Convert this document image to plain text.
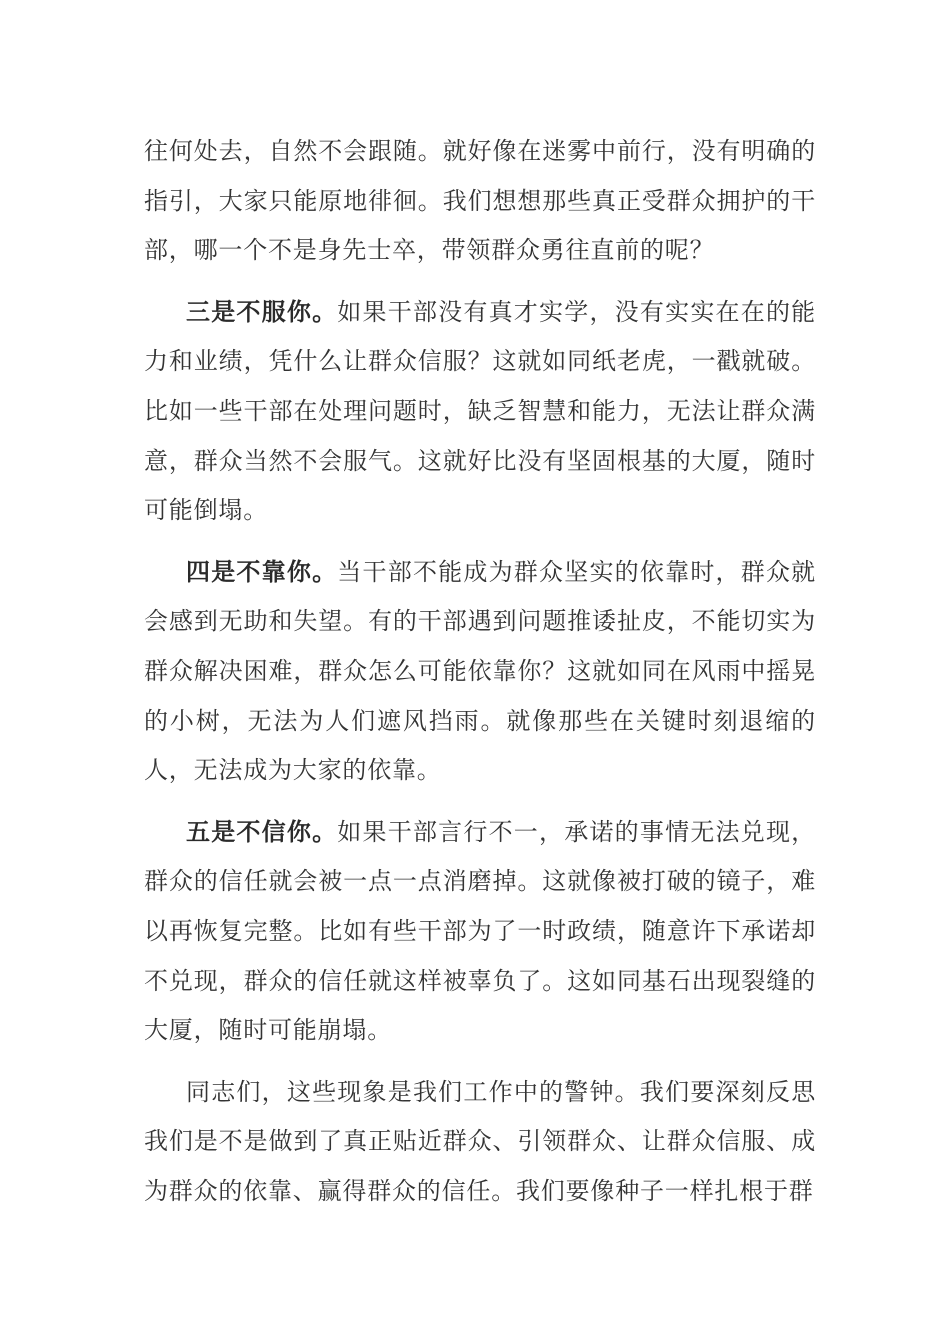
往何处去，自然不会跟随。就好像在迷雾中前行，没有明确的指引，大家只能原地徘徊。我们想想那些真正受群众拥护的干部，哪一个不是身先士卒，带领群众勇往直前的呢？

三是不服你。如果干部没有真才实学，没有实实在在的能力和业绩，凭什么让群众信服？这就如同纸老虎，一戳就破。比如一些干部在处理问题时，缺乏智慧和能力，无法让群众满意，群众当然不会服气。这就好比没有坚固根基的大厦，随时可能倒塌。

四是不靠你。当干部不能成为群众坚实的依靠时，群众就会感到无助和失望。有的干部遇到问题推诿扯皮，不能切实为群众解决困难，群众怎么可能依靠你？这就如同在风雨中摇晃的小树，无法为人们遮风挡雨。就像那些在关键时刻退缩的人，无法成为大家的依靠。

五是不信你。如果干部言行不一，承诺的事情无法兑现，群众的信任就会被一点一点消磨掉。这就像被打破的镜子，难以再恢复完整。比如有些干部为了一时政绩，随意许下承诺却不兑现，群众的信任就这样被辜负了。这如同基石出现裂缝的大厦，随时可能崩塌。

同志们，这些现象是我们工作中的警钟。我们要深刻反思我们是不是做到了真正贴近群众、引领群众、让群众信服、成为群众的依靠、赢得群众的信任。我们要像种子一样扎根于群
